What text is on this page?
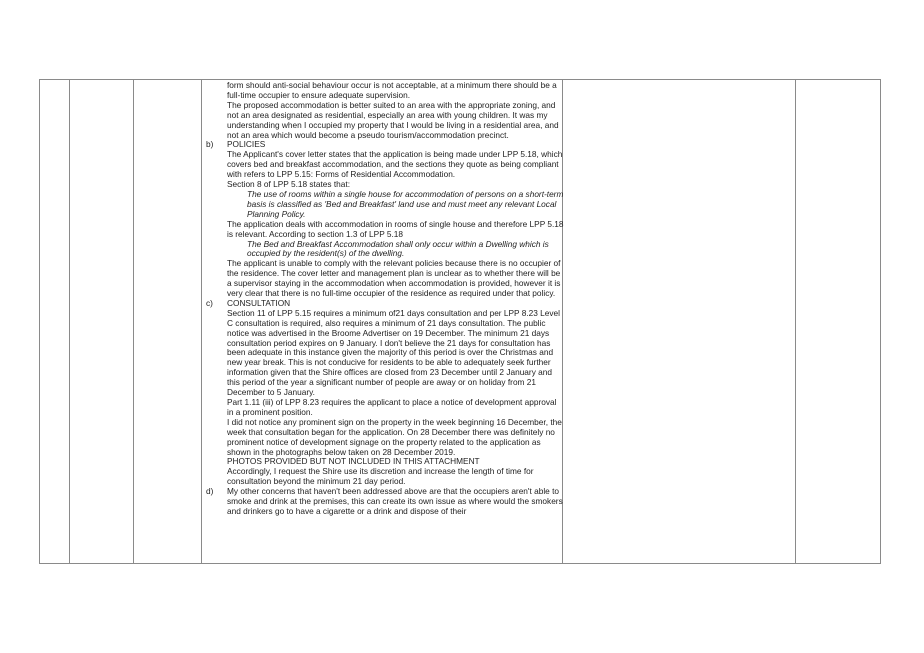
form should anti-social behaviour occur is not acceptable, at a minimum there should be a full-time occupier to ensure adequate supervision.

The proposed accommodation is better suited to an area with the appropriate zoning, and not an area designated as residential, especially an area with young children. It was my understanding when I occupied my property that I would be living in a residential area, and not an area which would become a pseudo tourism/accommodation precinct.

b) POLICIES

The Applicant's cover letter states that the application is being made under LPP 5.18, which covers bed and breakfast accommodation, and the sections they quote as being compliant with refers to LPP 5.15: Forms of Residential Accommodation.

Section 8 of LPP 5.18 states that:

The use of rooms within a single house for accommodation of persons on a short-term basis is classified as 'Bed and Breakfast' land use and must meet any relevant Local Planning Policy.

The application deals with accommodation in rooms of single house and therefore LPP 5.18 is relevant. According to section 1.3 of LPP 5.18

The Bed and Breakfast Accommodation shall only occur within a Dwelling which is occupied by the resident(s) of the dwelling.

The applicant is unable to comply with the relevant policies because there is no occupier of the residence. The cover letter and management plan is unclear as to whether there will be a supervisor staying in the accommodation when accommodation is provided, however it is very clear that there is no full-time occupier of the residence as required under that policy.

c) CONSULTATION

Section 11 of LPP 5.15 requires a minimum of21 days consultation and per LPP 8.23 Level C consultation is required, also requires a minimum of 21 days consultation. The public notice was advertised in the Broome Advertiser on 19 December. The minimum 21 days consultation period expires on 9 January. I don't believe the 21 days for consultation has been adequate in this instance given the majority of this period is over the Christmas and new year break. This is not conducive for residents to be able to adequately seek further information given that the Shire offices are closed from 23 December until 2 January and this period of the year a significant number of people are away or on holiday from 21 December to 5 January.

Part 1.11 (iii) of LPP 8.23 requires the applicant to place a notice of development approval in a prominent position.

I did not notice any prominent sign on the property in the week beginning 16 December, the week that consultation began for the application. On 28 December there was definitely no prominent notice of development signage on the property related to the application as shown in the photographs below taken on 28 December 2019.

PHOTOS PROVIDED BUT NOT INCLUDED IN THIS ATTACHMENT

Accordingly, I request the Shire use its discretion and increase the length of time for consultation beyond the minimum 21 day period.

d) My other concerns that haven't been addressed above are that the occupiers aren't able to smoke and drink at the premises, this can create its own issue as where would the smokers and drinkers go to have a cigarette or a drink and dispose of their
